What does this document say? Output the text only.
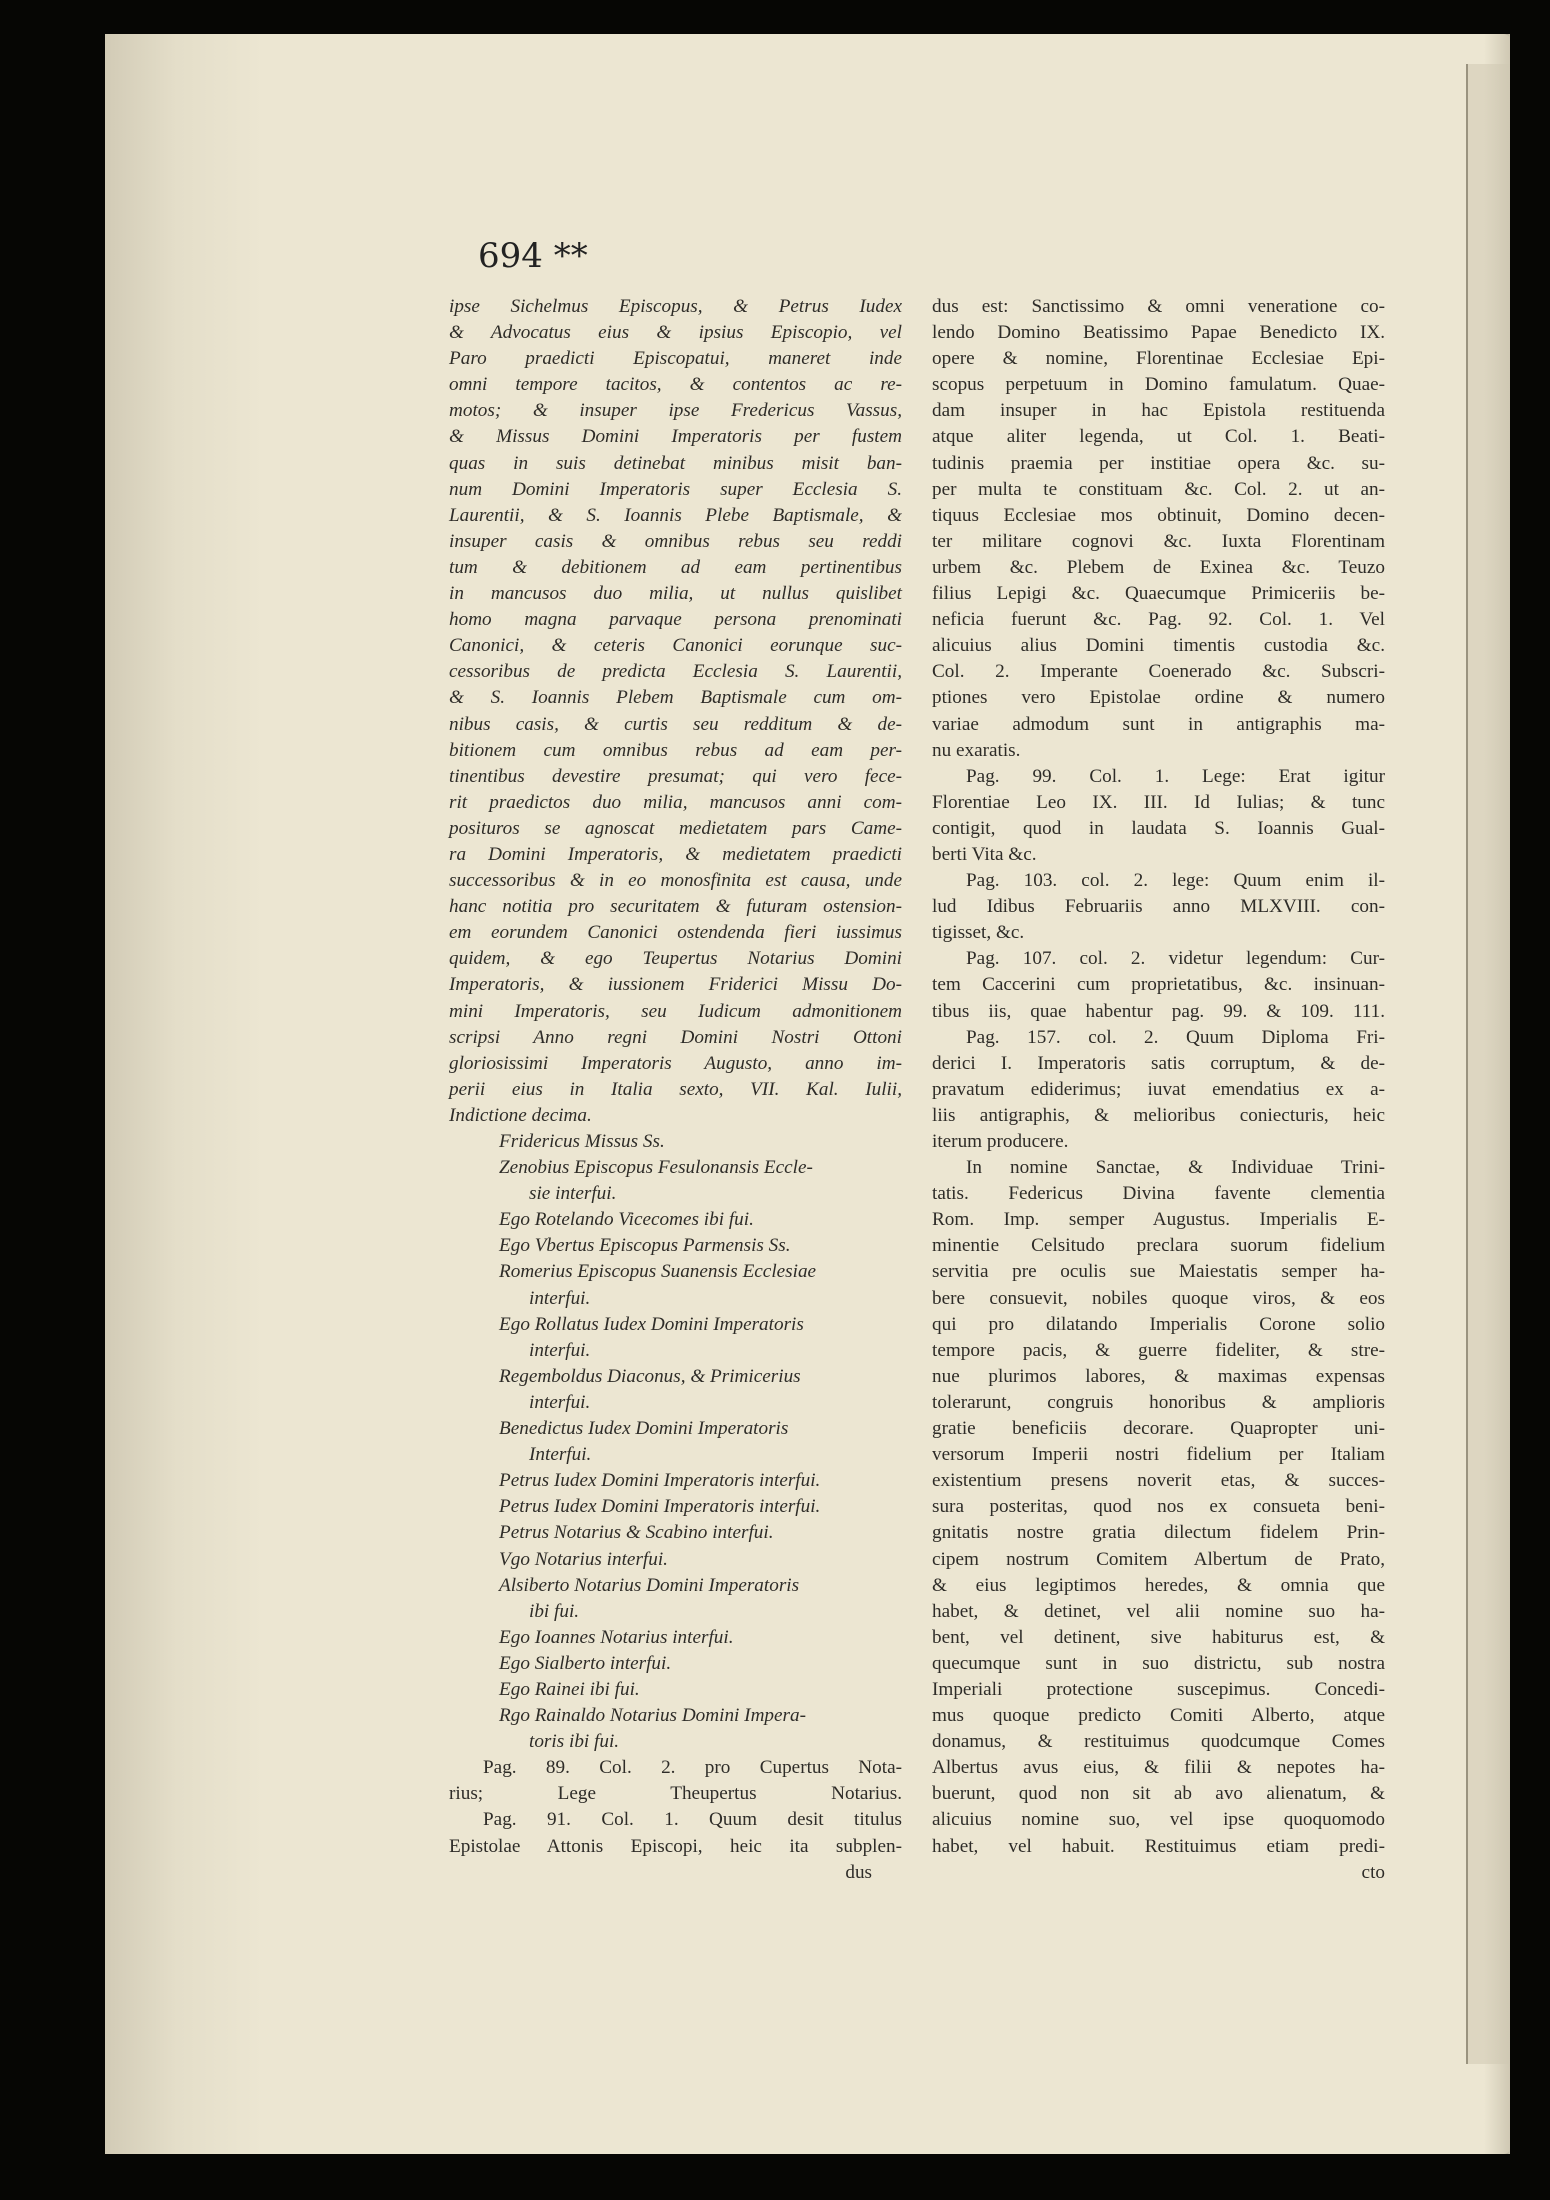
694 **
ipse Sichelmus Episcopus, & Petrus Iudex
& Advocatus eius & ipsius Episcopio, vel
Paro praedicti Episcopatui, maneret inde
omni tempore tacitos, & contentos ac re-
motos; & insuper ipse Fredericus Vassus,
& Missus Domini Imperatoris per fustem
quas in suis detinebat minibus misit ban-
num Domini Imperatoris super Ecclesia S.
Laurentii, & S. Ioannis Plebe Baptismale, &
insuper casis & omnibus rebus seu reddi
tum & debitionem ad eam pertinentibus
in mancusos duo milia, ut nullus quislibet
homo magna parvaque persona prenominati
Canonici, & ceteris Canonici eorunque suc-
cessoribus de predicta Ecclesia S. Laurentii,
& S. Ioannis Plebem Baptismale cum om-
nibus casis, & curtis seu redditum & de-
bitionem cum omnibus rebus ad eam per-
tinentibus devestire presumat; qui vero fece-
rit praedictos duo milia, mancusos anni com-
posituros se agnoscat medietatem pars Came-
ra Domini Imperatoris, & medietatem praedicti
successoribus & in eo monosfinita est causa, unde
hanc notitia pro securitatem & futuram ostension-
em eorundem Canonici ostendenda fieri iussimus
quidem, & ego Teupertus Notarius Domini
Imperatoris, & iussionem Friderici Missu Do-
mini Imperatoris, seu Iudicum admonitionem
scripsi Anno regni Domini Nostri Ottoni
gloriosissimi Imperatoris Augusto, anno im-
perii eius in Italia sexto, VII. Kal. Iulii,
Indictione decima.
Fridericus Missus Ss.
Zenobius Episcopus Fesulonansis Eccle-
sie interfui.
Ego Rotelando Vicecomes ibi fui.
Ego Vbertus Episcopus Parmensis Ss.
Romerius Episcopus Suanensis Ecclesiae
interfui.
Ego Rollatus Iudex Domini Imperatoris
interfui.
Regemboldus Diaconus, & Primicerius
interfui.
Benedictus Iudex Domini Imperatoris
Interfui.
Petrus Iudex Domini Imperatoris interfui.
Petrus Iudex Domini Imperatoris interfui.
Petrus Notarius & Scabino interfui.
Vgo Notarius interfui.
Alsiberto Notarius Domini Imperatoris
ibi fui.
Ego Ioannes Notarius interfui.
Ego Sialberto interfui.
Ego Rainei ibi fui.
Rgo Rainaldo Notarius Domini Impera-
toris ibi fui.
Pag. 89. Col. 2. pro Cupertus Nota-
rius; Lege Theupertus Notarius.
Pag. 91. Col. 1. Quum desit titulus
Epistolae Attonis Episcopi, heic ita subplen-
dus
dus est: Sanctissimo & omni veneratione co-
lendo Domino Beatissimo Papae Benedicto IX.
opere & nomine, Florentinae Ecclesiae Epi-
scopus perpetuum in Domino famulatum. Quae-
dam insuper in hac Epistola restituenda
atque aliter legenda, ut Col. 1. Beati-
tudinis praemia per institiae opera &c. su-
per multa te constituam &c. Col. 2. ut an-
tiquus Ecclesiae mos obtinuit, Domino decen-
ter militare cognovi &c. Iuxta Florentinam
urbem &c. Plebem de Exinea &c. Teuzo
filius Lepigi &c. Quaecumque Primiceriis be-
neficia fuerunt &c. Pag. 92. Col. 1. Vel
alicuius alius Domini timentis custodia &c.
Col. 2. Imperante Coenerado &c. Subscri-
ptiones vero Epistolae ordine & numero
variae admodum sunt in antigraphis ma-
nu exaratis.
Pag. 99. Col. 1. Lege: Erat igitur
Florentiae Leo IX. III. Id Iulias; & tunc
contigit, quod in laudata S. Ioannis Gual-
berti Vita &c.
Pag. 103. col. 2. lege: Quum enim il-
lud Idibus Februariis anno MLXVIII. con-
tigisset, &c.
Pag. 107. col. 2. videtur legendum: Cur-
tem Caccerini cum proprietatibus, &c. insinuan-
tibus iis, quae habentur pag. 99. & 109. 111.
Pag. 157. col. 2. Quum Diploma Fri-
derici I. Imperatoris satis corruptum, & de-
pravatum ediderimus; iuvat emendatius ex a-
liis antigraphis, & melioribus coniecturis, heic
iterum producere.
In nomine Sanctae, & Individuae Trini-
tatis. Federicus Divina favente clementia
Rom. Imp. semper Augustus. Imperialis E-
minentie Celsitudo preclara suorum fidelium
servitia pre oculis sue Maiestatis semper ha-
bere consuevit, nobiles quoque viros, & eos
qui pro dilatando Imperialis Corone solio
tempore pacis, & guerre fideliter, & stre-
nue plurimos labores, & maximas expensas
tolerarunt, congruis honoribus & amplioris
gratie beneficiis decorare. Quapropter uni-
versorum Imperii nostri fidelium per Italiam
existentium presens noverit etas, & succes-
sura posteritas, quod nos ex consueta beni-
gnitatis nostre gratia dilectum fidelem Prin-
cipem nostrum Comitem Albertum de Prato,
& eius legiptimos heredes, & omnia que
habet, & detinet, vel alii nomine suo ha-
bent, vel detinent, sive habiturus est, &
quecumque sunt in suo districtu, sub nostra
Imperiali protectione suscepimus. Concedi-
mus quoque predicto Comiti Alberto, atque
donamus, & restituimus quodcumque Comes
Albertus avus eius, & filii & nepotes ha-
buerunt, quod non sit ab avo alienatum, &
alicuius nomine suo, vel ipse quoquomodo
habet, vel habuit. Restituimus etiam predi-
cto
